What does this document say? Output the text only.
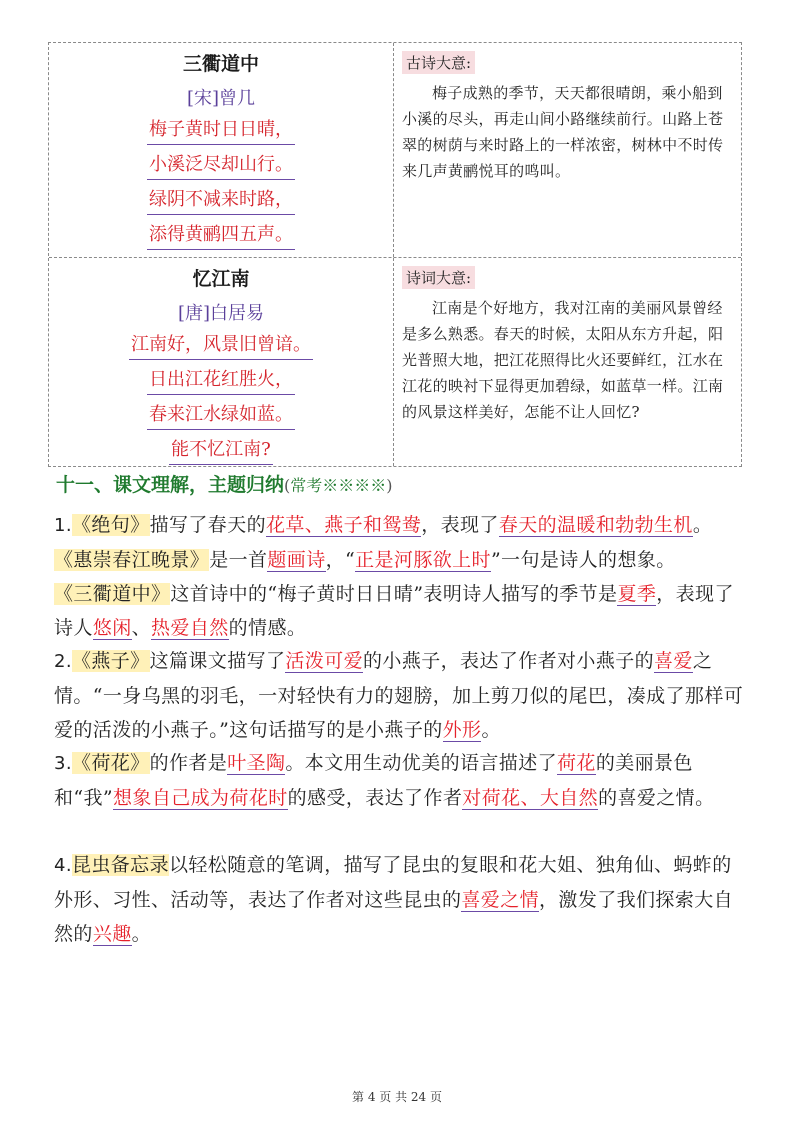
三衢道中
[宋]曾几
梅子黄时日日晴，
小溪泛尽却山行。
绿阴不减来时路，
添得黄鹂四五声。
古诗大意:

梅子成熟的季节，天天都很晴朗，乘小船到小溪的尽头，再走山间小路继续前行。山路上苍翠的树荫与来时路上的一样浓密，树林中不时传来几声黄鹂悦耳的鸣叫。

忆江南
[唐]白居易
江南好，风景旧曾谙。
日出江花红胜火，
春来江水绿如蓝。
能不忆江南?
诗词大意:

江南是个好地方，我对江南的美丽风景曾经是多么熟悉。春天的时候，太阳从东方升起，阳光普照大地，把江花照得比火还要鲜红，江水在江花的映衬下显得更加碧绿，如蓝草一样。江南的风景这样美好，怎能不让人回忆?

十一、课文理解，主题归纳(常考※※※※)
1.《绝句》描写了春天的花草、燕子和鸳鸯，表现了春天的温暖和勃勃生机。
《惠崇春江晚景》是一首题画诗，“正是河豚欲上时”一句是诗人的想象。
《三衢道中》这首诗中的“梅子黄时日日晴”表明诗人描写的季节是夏季，表现了诗人悠闲、热爱自然的情感。
2.《燕子》这篇课文描写了活泼可爱的小燕子，表达了作者对小燕子的喜爱之情。“一身乌黑的羽毛，一对轻快有力的翅膀，加上剪刀似的尾巴，凑成了那样可爱的活泼的小燕子。”这句话描写的是小燕子的外形。
3.《荷花》的作者是叶圣陶。本文用生动优美的语言描述了荷花的美丽景色和“我”想象自己成为荷花时的感受，表达了作者对荷花、大自然的喜爱之情。
4.昆虫备忘录以轻松随意的笔调，描写了昆虫的复眼和花大姐、独角仙、蚂蚱的外形、习性、活动等，表达了作者对这些昆虫的喜爱之情，激发了我们探索大自然的兴趣。
第 4 页 共 24 页
